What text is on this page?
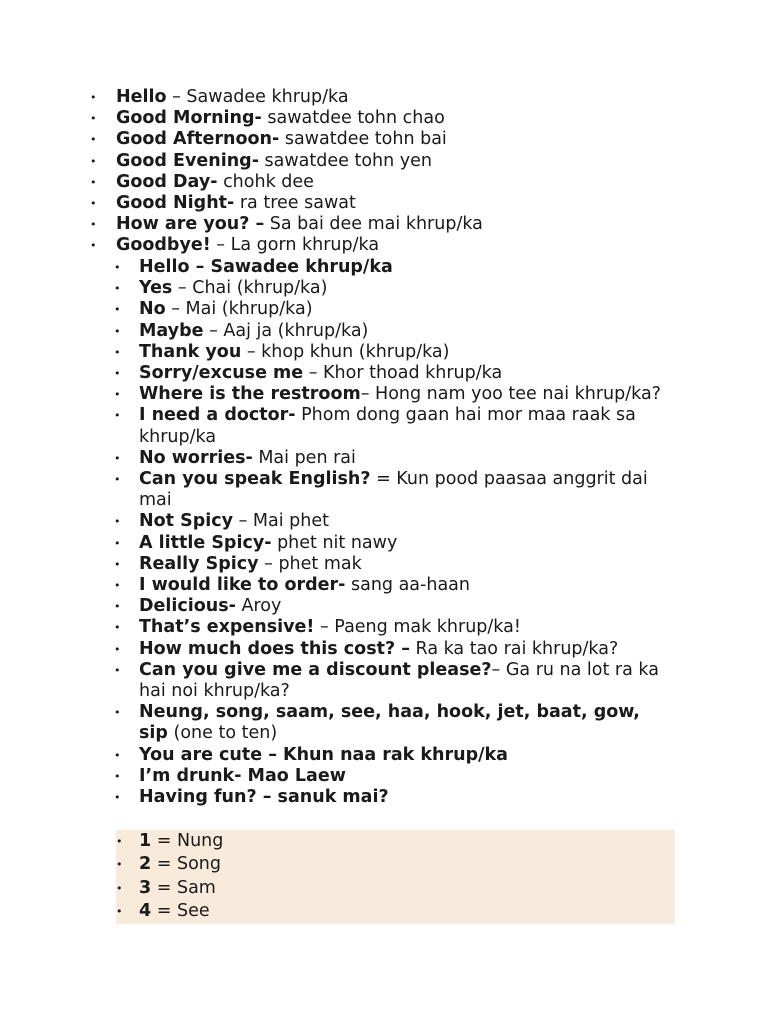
• Hello – Sawadee khrup/ka
• Good Morning- sawatdee tohn chao
• Good Afternoon- sawatdee tohn bai
• Good Evening- sawatdee tohn yen
• Good Day- chohk dee
• Good Night- ra tree sawat
• How are you? – Sa bai dee mai khrup/ka
• Goodbye! – La gorn khrup/ka
• Hello – Sawadee khrup/ka
• Yes – Chai (khrup/ka)
• No – Mai (khrup/ka)
• Maybe – Aaj ja (khrup/ka)
• Thank you – khop khun (khrup/ka)
• Sorry/excuse me – Khor thoad khrup/ka
• Where is the restroom– Hong nam yoo tee nai khrup/ka?
• I need a doctor- Phom dong gaan hai mor maa raak sa khrup/ka
• No worries- Mai pen rai
• Can you speak English? = Kun pood paasaa anggrit dai mai
• Not Spicy – Mai phet
• A little Spicy- phet nit nawy
• Really Spicy – phet mak
• I would like to order- sang aa-haan
• Delicious- Aroy
• That’s expensive! – Paeng mak khrup/ka!
• How much does this cost? – Ra ka tao rai khrup/ka?
• Can you give me a discount please?– Ga ru na lot ra ka hai noi khrup/ka?
• Neung, song, saam, see, haa, hook, jet, baat, gow, sip (one to ten)
• You are cute – Khun naa rak khrup/ka
• I’m drunk- Mao Laew
• Having fun? – sanuk mai?
• 1 = Nung
• 2 = Song
• 3 = Sam
• 4 = See
